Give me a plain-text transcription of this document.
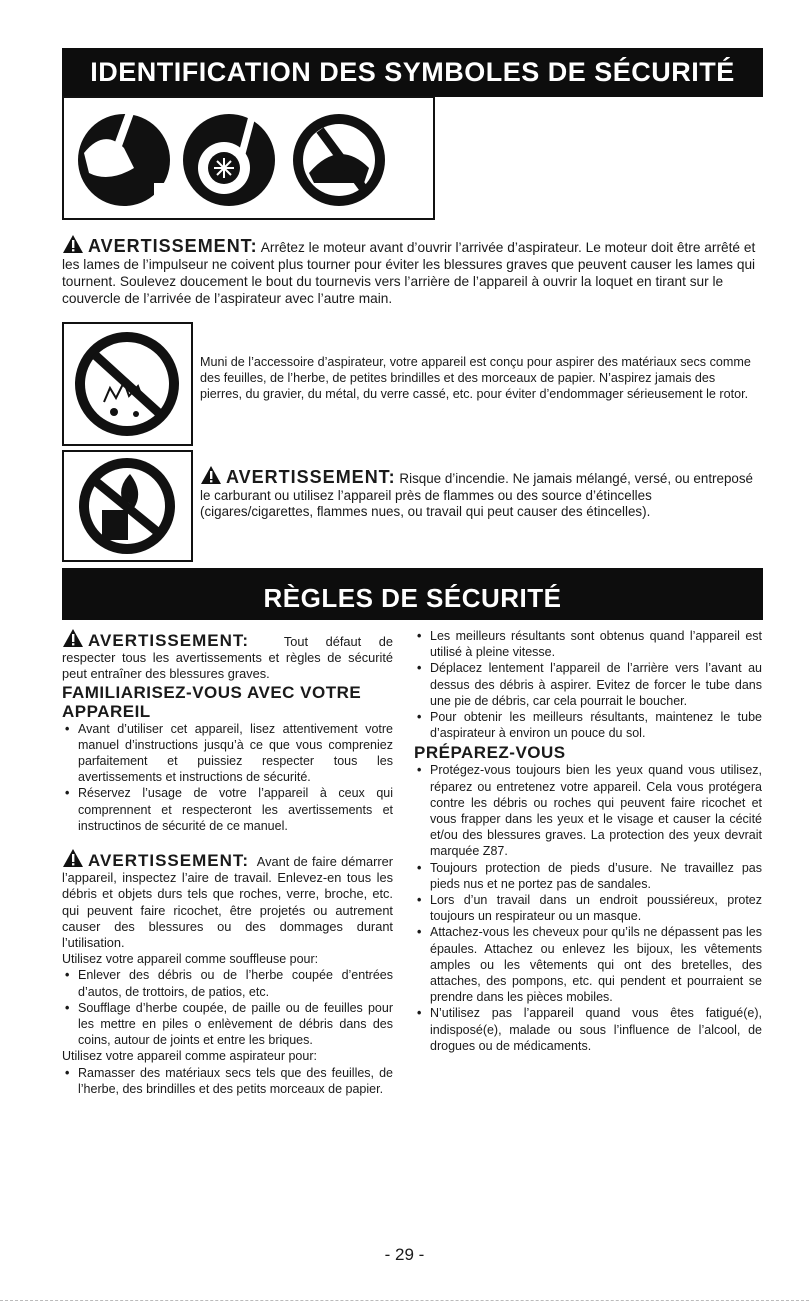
IDENTIFICATION DES SYMBOLES DE SÉCURITÉ
AVERTISSEMENT: Arrêtez le moteur avant d’ouvrir l’arrivée d’aspirateur. Le moteur doit être arrêté et les lames de l’impulseur ne coivent plus tourner pour éviter les blessures graves que peuvent causer les lames qui tournent. Soulevez doucement le bout du tournevis vers l’arrière de l’appareil à ouvrir la loquet en tirant sur le couvercle de l’arrivée de l’aspirateur avec l’autre main.
Muni de l’accessoire d’aspirateur, votre appareil est conçu pour aspirer des matériaux secs comme des feuilles, de l’herbe, de petites brindilles et des morceaux de papier. N’aspirez jamais des pierres, du gravier, du métal, du verre cassé, etc. pour éviter d’endommager sérieusement le rotor.
AVERTISSEMENT: Risque d’incendie. Ne jamais mélangé, versé, ou entreposé le carburant ou utilisez l’appareil près de flammes ou des source d’étincelles (cigares/cigarettes, flammes nues, ou travail qui peut causer des étincelles).
RÈGLES DE SÉCURITÉ

AVERTISSEMENT:	Tout défaut de respecter tous les avertissements et règles de sécurité peut entraîner des blessures graves.

FAMILIARISEZ-VOUS AVEC VOTRE APPAREIL
• Avant d’utiliser cet appareil, lisez attentivement votre manuel d’instructions jusqu’à ce que vous compreniez parfaitement et puissiez respecter tous les avertissements et instructions de sécurité.
• Réservez l’usage de votre l’appareil à ceux qui comprennent et respecteront les avertissements et instructinos de sécurité de ce manuel.

AVERTISSEMENT: Avant de faire démarrer l’appareil, inspectez l’aire de travail. Enlevez-en tous les débris et objets durs tels que roches, verre, broche, etc. qui peuvent faire ricochet, être projetés ou autrement causer des blessures ou des dommages durant l’utilisation.

Utilisez votre appareil comme souffleuse pour:

• Enlever des débris ou de l’herbe coupée d’entrées d’autos, de trottoirs, de patios, etc.
• Soufflage d’herbe coupée, de paille ou de feuilles pour les mettre en piles o enlèvement de débris dans des coins, autour de joints et entre les briques.

Utilisez votre appareil comme aspirateur pour:

• Ramasser des matériaux secs tels que des feuilles, de l’herbe, des brindilles et des petits morceaux de papier.
• Les meilleurs résultants sont obtenus quand l’appareil est utilisé à pleine vitesse.
• Déplacez lentement l’appareil de l’arrière vers l’avant au dessus des débris à aspirer. Evitez de forcer le tube dans une pie de débris, car cela pourrait le boucher.
• Pour obtenir les meilleurs résultants, maintenez le tube d’aspirateur à environ un pouce du sol.
PRÉPAREZ-VOUS
• Protégez-vous toujours bien les yeux quand vous utilisez, réparez ou entretenez votre appareil. Cela vous protégera contre les débris ou roches qui peuvent faire ricochet et vous frapper dans les yeux et le visage et causer la cécité et/ou des blessures graves. La protection des yeux devrait marquée Z87.
• Toujours protection de pieds d’usure. Ne travaillez pas pieds nus et ne portez pas de sandales.
• Lors d’un travail dans un endroit poussiéreux, protez toujours un respirateur ou un masque.
• Attachez-vous les cheveux pour qu’ils ne dépassent pas les épaules. Attachez ou enlevez les bijoux, les vêtements amples ou les vêtements qui ont des bretelles, des attaches, des pompons, etc. qui pendent et pourraient se prendre dans les pièces mobiles.
• N’utilisez pas l’appareil quand vous êtes fatigué(e), indisposé(e), malade ou sous l’influence de l’alcool, de drogues ou de médicaments.
- 29 -
